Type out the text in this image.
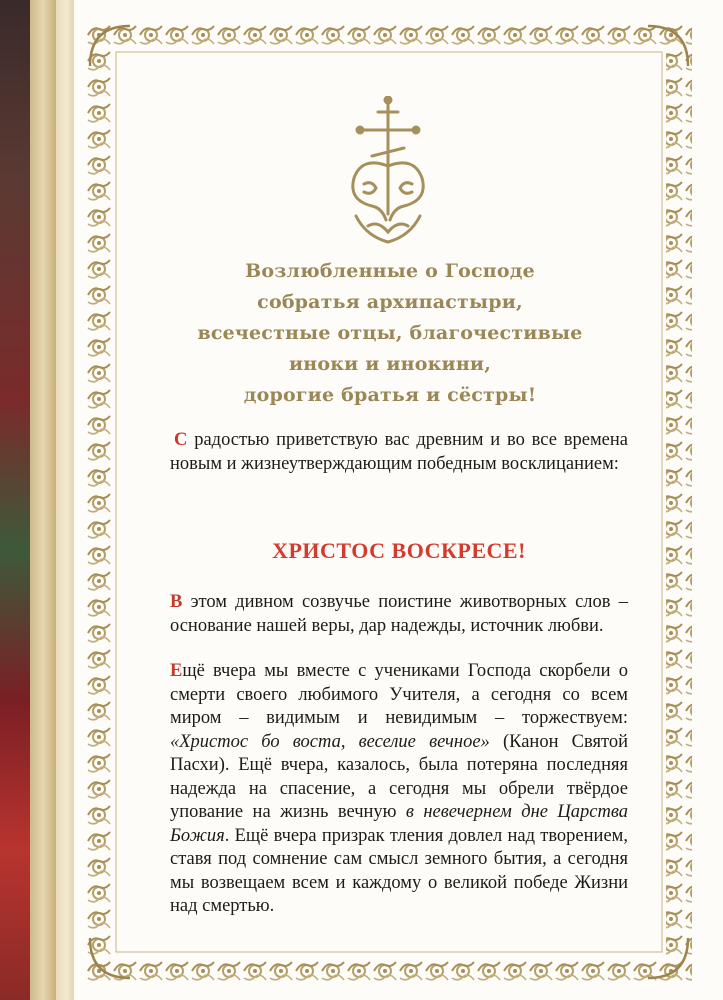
Возлюбленные о Господе
собратья архипастыри,
всечестные отцы, благочестивые
иноки и инокини,
дорогие братья и сёстры!

С радостью приветствую вас древним и во все времена новым и жизнеутверждающим победным восклицанием:

ХРИСТОС ВОСКРЕСЕ!

В этом дивном созвучье поистине животворных слов – основание нашей веры, дар надежды, источник любви.

Ещё вчера мы вместе с учениками Господа скорбели о смерти своего любимого Учителя, а сегодня со всем миром – видимым и невидимым – торжествуем: «Христос бо воста, веселие вечное» (Канон Святой Пасхи). Ещё вчера, казалось, была потеряна последняя надежда на спасение, а сегодня мы обрели твёрдое упование на жизнь вечную в невечернем дне Царства Божия. Ещё вчера призрак тления довлел над творением, ставя под сомнение сам смысл земного бытия, а сегодня мы возвещаем всем и каждому о великой победе Жизни над смертью.
